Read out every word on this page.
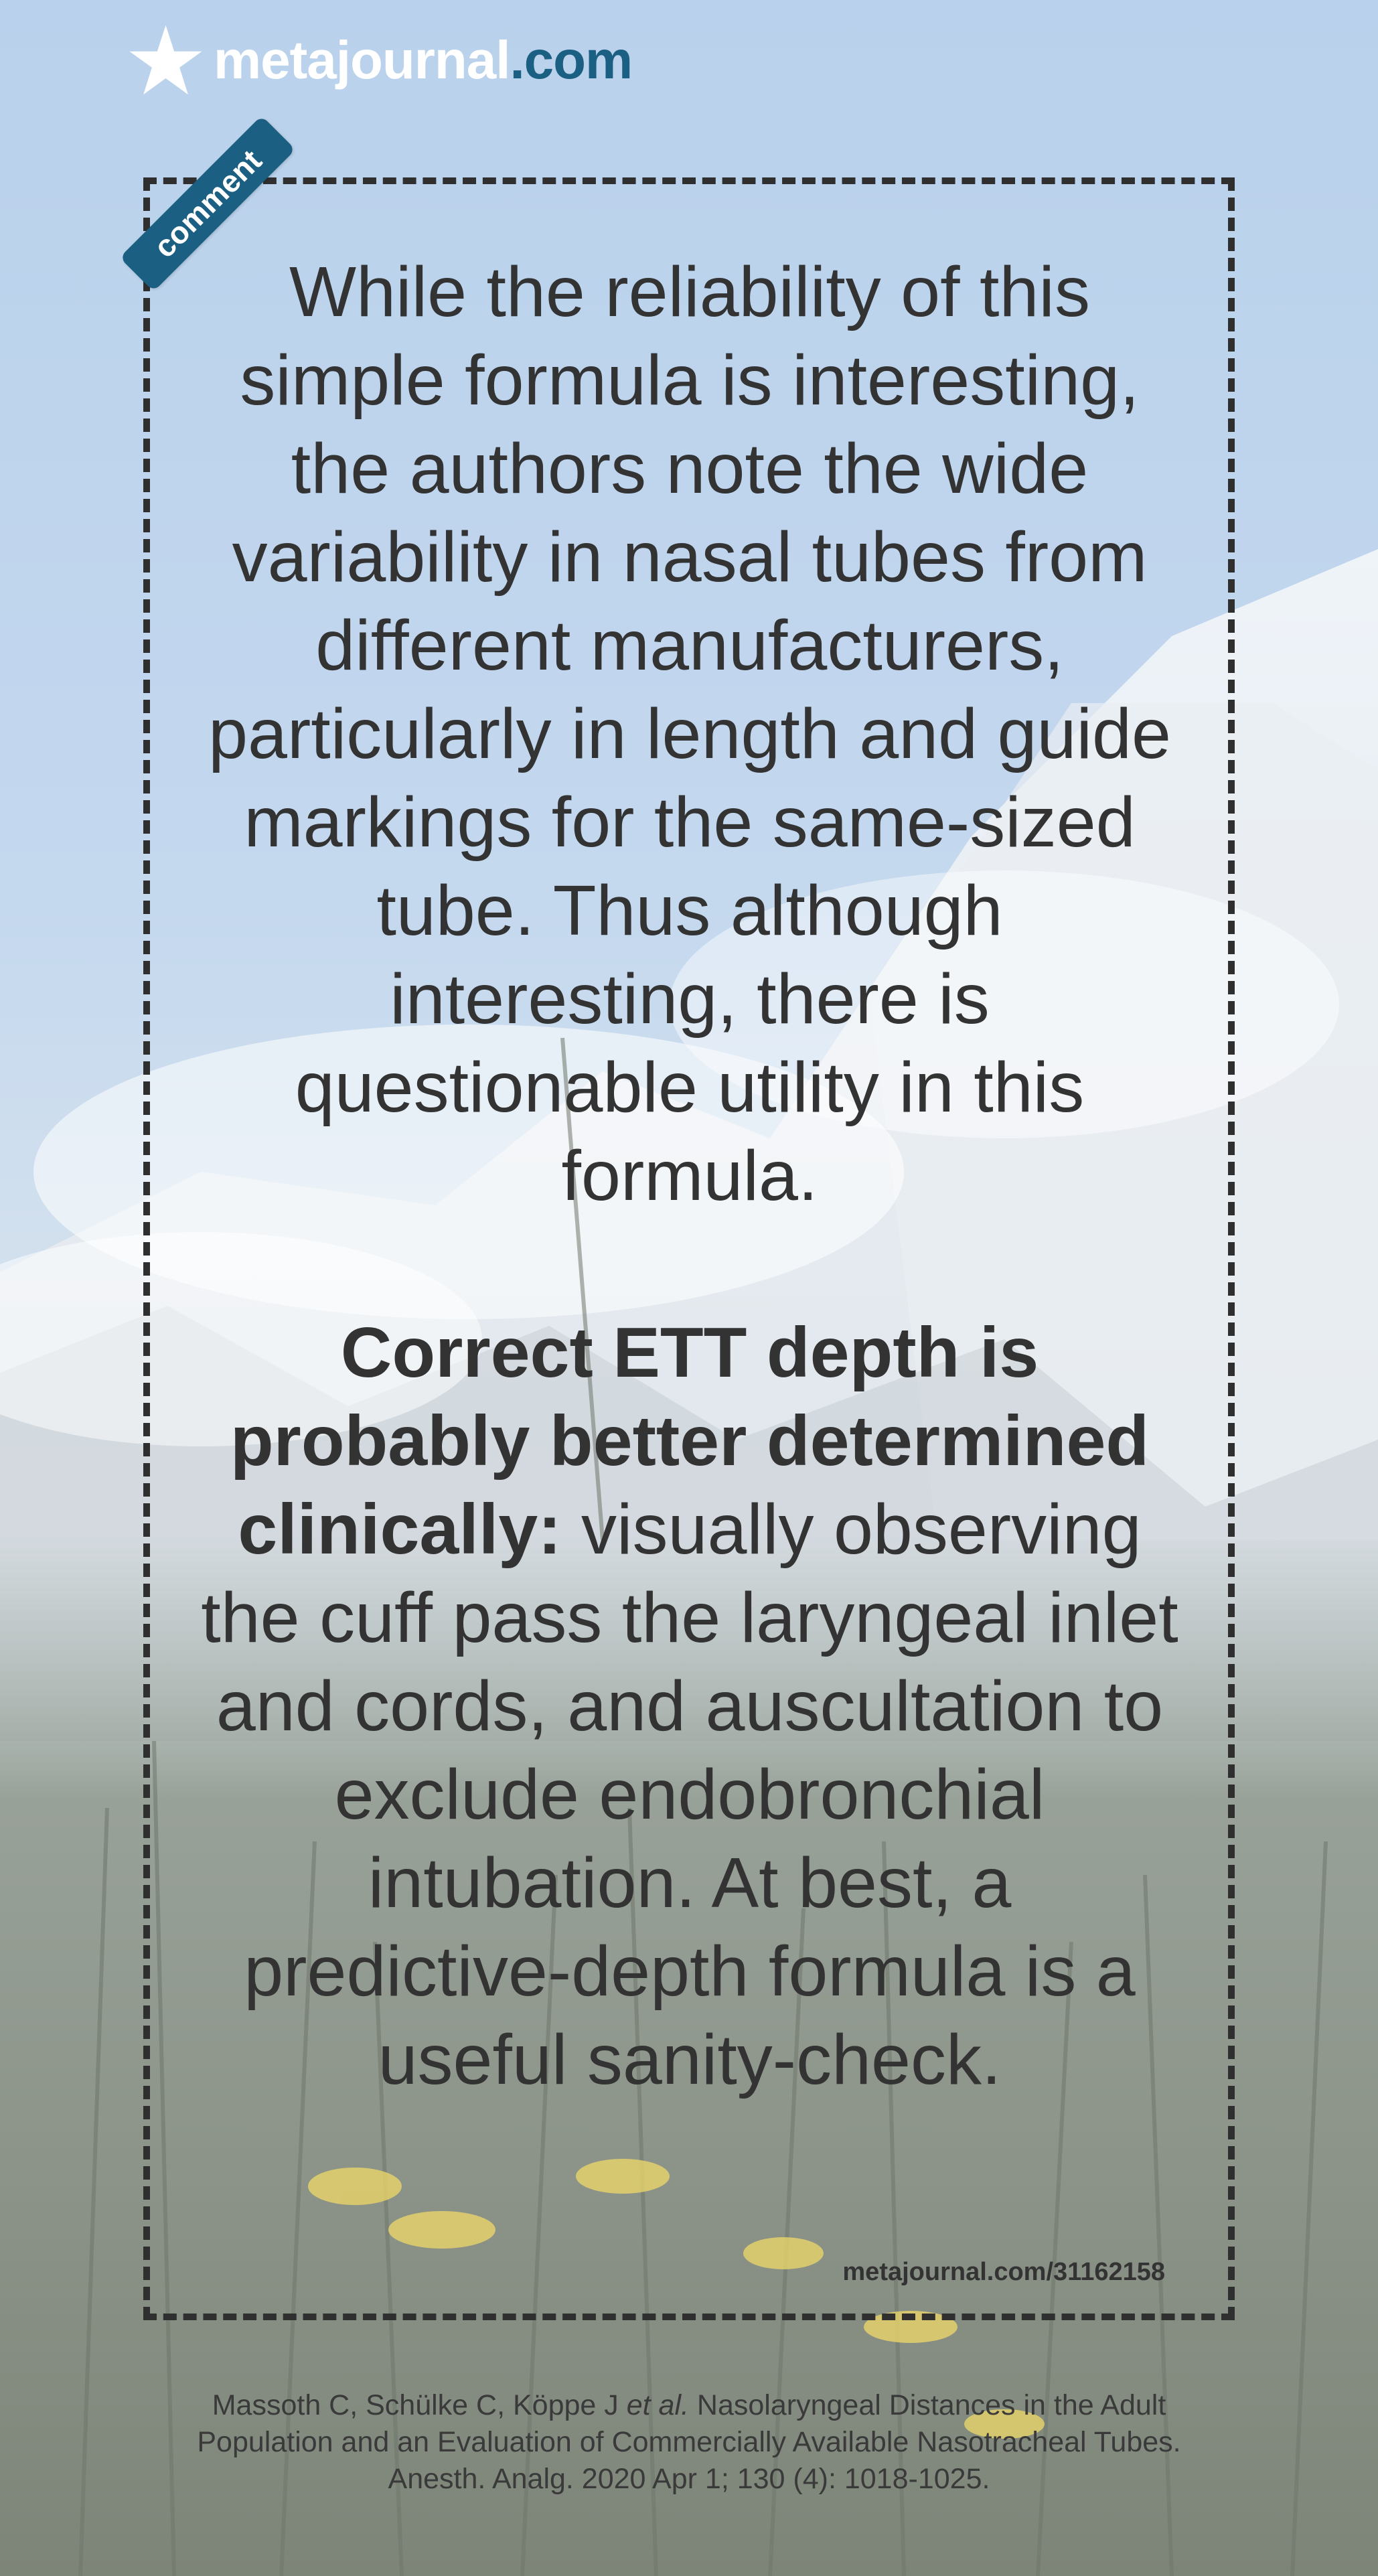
metajournal.com
comment

While the reliability of this simple formula is interesting, the authors note the wide variability in nasal tubes from different manufacturers, particularly in length and guide markings for the same-sized tube. Thus although interesting, there is questionable utility in this formula.

Correct ETT depth is probably better determined clinically: visually observing the cuff pass the laryngeal inlet and cords, and auscultation to exclude endobronchial intubation. At best, a predictive-depth formula is a useful sanity-check.

metajournal.com/31162158

Massoth C, Schülke C, Köppe J et al. Nasolaryngeal Distances in the Adult

Population and an Evaluation of Commercially Available Nasotracheal Tubes.

Anesth. Analg. 2020 Apr 1; 130 (4): 1018-1025.
